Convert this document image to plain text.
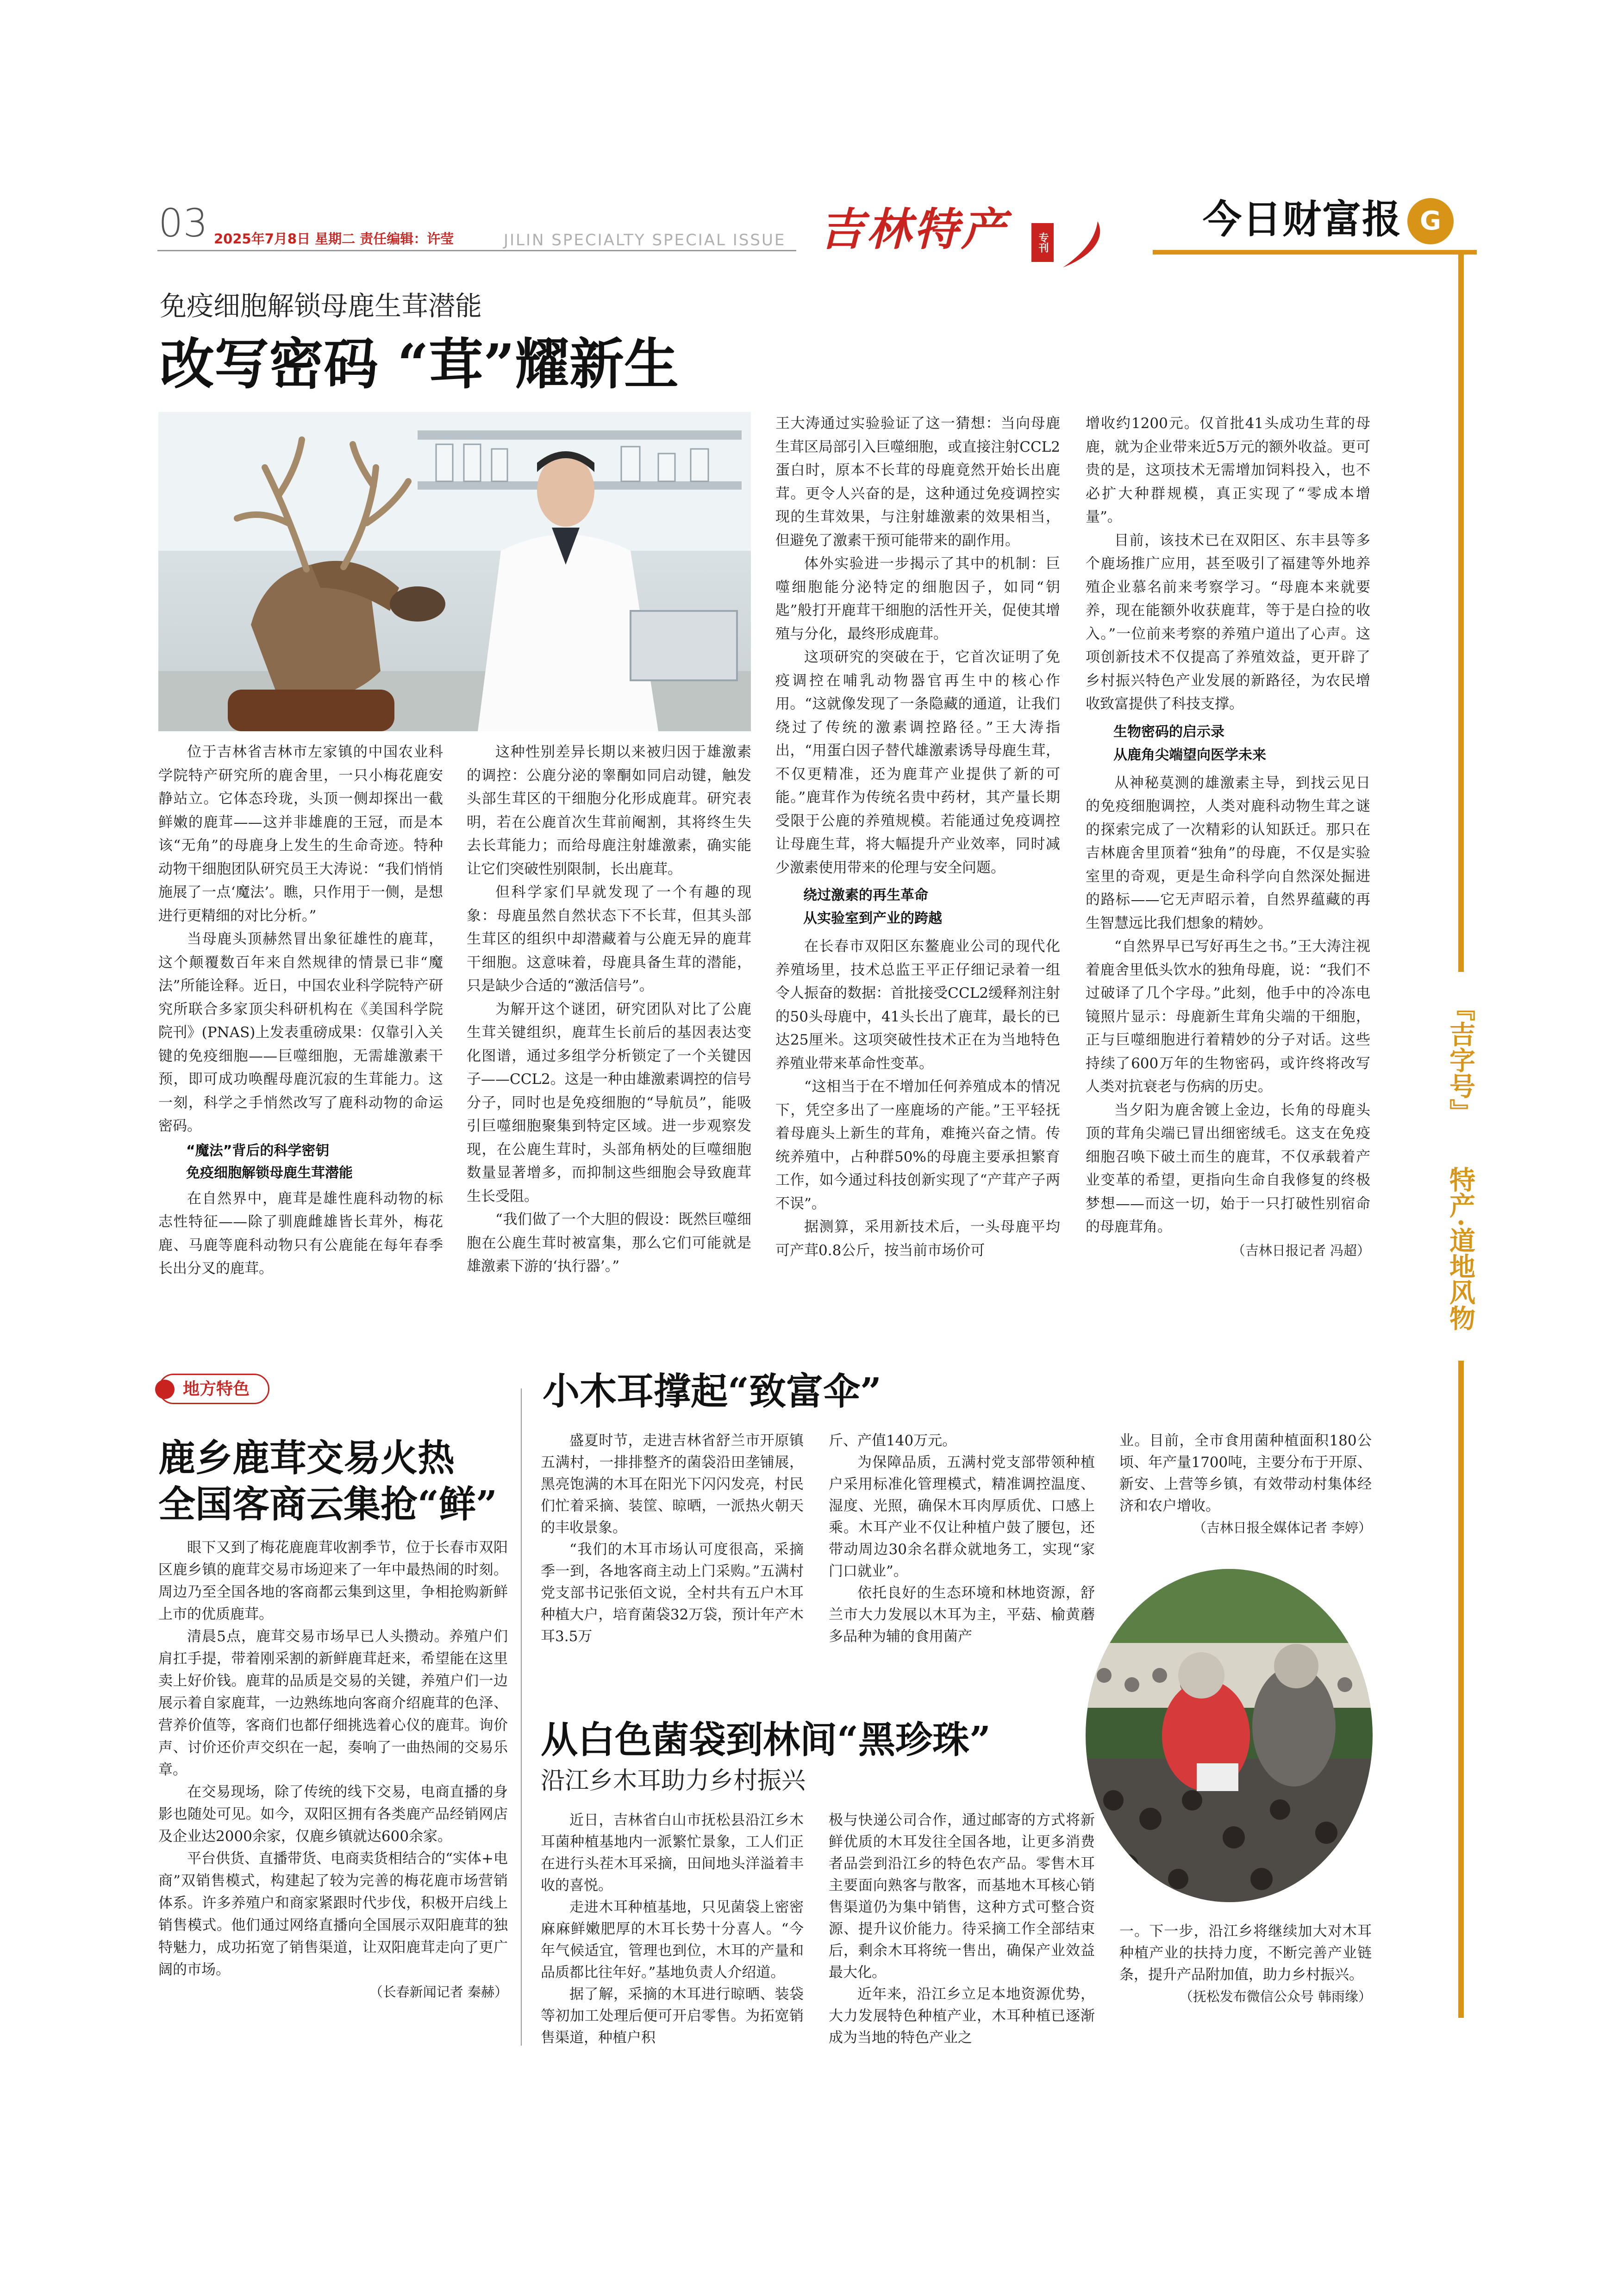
03 2025年7月8日 星期二 责任编辑：许莹	JILIN SPECIALTY SPECIAL ISSUE 吉林特产	专刊
今日财富报 G
『吉字号』
特产·道地风物
免疫细胞解锁母鹿生茸潜能
改写密码 “茸”耀新生

位于吉林省吉林市左家镇的中国农业科学院特产研究所的鹿舍里，一只小梅花鹿安静站立。它体态玲珑，头顶一侧却探出一截鲜嫩的鹿茸——这并非雄鹿的王冠，而是本该“无角”的母鹿身上发生的生命奇迹。特种动物干细胞团队研究员王大涛说：“我们悄悄施展了一点‘魔法’。瞧，只作用于一侧，是想进行更精细的对比分析。”

当母鹿头顶赫然冒出象征雄性的鹿茸，这个颠覆数百年来自然规律的情景已非“魔法”所能诠释。近日，中国农业科学院特产研究所联合多家顶尖科研机构在《美国科学院院刊》(PNAS)上发表重磅成果：仅靠引入关键的免疫细胞——巨噬细胞，无需雄激素干预，即可成功唤醒母鹿沉寂的生茸能力。这一刻，科学之手悄然改写了鹿科动物的命运密码。

“魔法”背后的科学密钥

免疫细胞解锁母鹿生茸潜能

在自然界中，鹿茸是雄性鹿科动物的标志性特征——除了驯鹿雌雄皆长茸外，梅花鹿、马鹿等鹿科动物只有公鹿能在每年春季长出分叉的鹿茸。

这种性别差异长期以来被归因于雄激素的调控：公鹿分泌的睾酮如同启动键，触发头部生茸区的干细胞分化形成鹿茸。研究表明，若在公鹿首次生茸前阉割，其将终生失去长茸能力；而给母鹿注射雄激素，确实能让它们突破性别限制，长出鹿茸。

但科学家们早就发现了一个有趣的现象：母鹿虽然自然状态下不长茸，但其头部生茸区的组织中却潜藏着与公鹿无异的鹿茸干细胞。这意味着，母鹿具备生茸的潜能，只是缺少合适的“激活信号”。

为解开这个谜团，研究团队对比了公鹿生茸关键组织，鹿茸生长前后的基因表达变化图谱，通过多组学分析锁定了一个关键因子——CCL2。这是一种由雄激素调控的信号分子，同时也是免疫细胞的“导航员”，能吸引巨噬细胞聚集到特定区域。进一步观察发现，在公鹿生茸时，头部角柄处的巨噬细胞数量显著增多，而抑制这些细胞会导致鹿茸生长受阻。

“我们做了一个大胆的假设：既然巨噬细胞在公鹿生茸时被富集，那么它们可能就是雄激素下游的‘执行器’。”

王大涛通过实验验证了这一猜想：当向母鹿生茸区局部引入巨噬细胞，或直接注射CCL2蛋白时，原本不长茸的母鹿竟然开始长出鹿茸。更令人兴奋的是，这种通过免疫调控实现的生茸效果，与注射雄激素的效果相当，但避免了激素干预可能带来的副作用。

体外实验进一步揭示了其中的机制：巨噬细胞能分泌特定的细胞因子，如同“钥匙”般打开鹿茸干细胞的活性开关，促使其增殖与分化，最终形成鹿茸。

这项研究的突破在于，它首次证明了免疫调控在哺乳动物器官再生中的核心作用。“这就像发现了一条隐藏的通道，让我们绕过了传统的激素调控路径。”王大涛指出，“用蛋白因子替代雄激素诱导母鹿生茸，不仅更精准，还为鹿茸产业提供了新的可能。”鹿茸作为传统名贵中药材，其产量长期受限于公鹿的养殖规模。若能通过免疫调控让母鹿生茸，将大幅提升产业效率，同时减少激素使用带来的伦理与安全问题。

绕过激素的再生革命

从实验室到产业的跨越

在长春市双阳区东鳌鹿业公司的现代化养殖场里，技术总监王平正仔细记录着一组令人振奋的数据：首批接受CCL2缓释剂注射的50头母鹿中，41头长出了鹿茸，最长的已达25厘米。这项突破性技术正在为当地特色养殖业带来革命性变革。

“这相当于在不增加任何养殖成本的情况下，凭空多出了一座鹿场的产能。”王平轻抚着母鹿头上新生的茸角，难掩兴奋之情。传统养殖中，占种群50%的母鹿主要承担繁育工作，如今通过科技创新实现了“产茸产子两不误”。

据测算，采用新技术后，一头母鹿平均可产茸0.8公斤，按当前市场价可

增收约1200元。仅首批41头成功生茸的母鹿，就为企业带来近5万元的额外收益。更可贵的是，这项技术无需增加饲料投入，也不必扩大种群规模，真正实现了“零成本增量”。

目前，该技术已在双阳区、东丰县等多个鹿场推广应用，甚至吸引了福建等外地养殖企业慕名前来考察学习。“母鹿本来就要养，现在能额外收获鹿茸，等于是白捡的收入。”一位前来考察的养殖户道出了心声。这项创新技术不仅提高了养殖效益，更开辟了乡村振兴特色产业发展的新路径，为农民增收致富提供了科技支撑。

生物密码的启示录

从鹿角尖端望向医学未来

从神秘莫测的雄激素主导，到找云见日的免疫细胞调控，人类对鹿科动物生茸之谜的探索完成了一次精彩的认知跃迁。那只在吉林鹿舍里顶着“独角”的母鹿，不仅是实验室里的奇观，更是生命科学向自然深处掘进的路标——它无声昭示着，自然界蕴藏的再生智慧远比我们想象的精妙。

“自然界早已写好再生之书。”王大涛注视着鹿舍里低头饮水的独角母鹿，说：“我们不过破译了几个字母。”此刻，他手中的冷冻电镜照片显示：母鹿新生茸角尖端的干细胞，正与巨噬细胞进行着精妙的分子对话。这些持续了600万年的生物密码，或许终将改写人类对抗衰老与伤病的历史。

当夕阳为鹿舍镀上金边，长角的母鹿头顶的茸角尖端已冒出细密绒毛。这支在免疫细胞召唤下破土而生的鹿茸，不仅承载着产业变革的希望，更指向生命自我修复的终极梦想——而这一切，始于一只打破性别宿命的母鹿茸角。

（吉林日报记者 冯超）

地方特色
鹿乡鹿茸交易火热
全国客商云集抢“鲜”

眼下又到了梅花鹿鹿茸收割季节，位于长春市双阳区鹿乡镇的鹿茸交易市场迎来了一年中最热闹的时刻。周边乃至全国各地的客商都云集到这里，争相抢购新鲜上市的优质鹿茸。

清晨5点，鹿茸交易市场早已人头攒动。养殖户们肩扛手提，带着刚采割的新鲜鹿茸赶来，希望能在这里卖上好价钱。鹿茸的品质是交易的关键，养殖户们一边展示着自家鹿茸，一边熟练地向客商介绍鹿茸的色泽、营养价值等，客商们也都仔细挑选着心仪的鹿茸。询价声、讨价还价声交织在一起，奏响了一曲热闹的交易乐章。

在交易现场，除了传统的线下交易，电商直播的身影也随处可见。如今，双阳区拥有各类鹿产品经销网店及企业达2000余家，仅鹿乡镇就达600余家。

平台供货、直播带货、电商卖货相结合的“实体+电商”双销售模式，构建起了较为完善的梅花鹿市场营销体系。许多养殖户和商家紧跟时代步伐，积极开启线上销售模式。他们通过网络直播向全国展示双阳鹿茸的独特魅力，成功拓宽了销售渠道，让双阳鹿茸走向了更广阔的市场。

（长春新闻记者 秦赫）

小木耳撑起“致富伞”

盛夏时节，走进吉林省舒兰市开原镇五满村，一排排整齐的菌袋沿田垄铺展，黑亮饱满的木耳在阳光下闪闪发亮，村民们忙着采摘、装筐、晾晒，一派热火朝天的丰收景象。

“我们的木耳市场认可度很高，采摘季一到，各地客商主动上门采购。”五满村党支部书记张佰文说，全村共有五户木耳种植大户，培育菌袋32万袋，预计年产木耳3.5万

斤、产值140万元。

为保障品质，五满村党支部带领种植户采用标准化管理模式，精准调控温度、湿度、光照，确保木耳肉厚质优、口感上乘。木耳产业不仅让种植户鼓了腰包，还带动周边30余名群众就地务工，实现“家门口就业”。

依托良好的生态环境和林地资源，舒兰市大力发展以木耳为主，平菇、榆黄蘑多品种为辅的食用菌产

业。目前，全市食用菌种植面积180公顷、年产量1700吨，主要分布于开原、新安、上营等乡镇，有效带动村集体经济和农户增收。

（吉林日报全媒体记者 李婷）

从白色菌袋到林间“黑珍珠”
沿江乡木耳助力乡村振兴

近日，吉林省白山市抚松县沿江乡木耳菌种植基地内一派繁忙景象，工人们正在进行头茬木耳采摘，田间地头洋溢着丰收的喜悦。

走进木耳种植基地，只见菌袋上密密麻麻鲜嫩肥厚的木耳长势十分喜人。“今年气候适宜，管理也到位，木耳的产量和品质都比往年好。”基地负责人介绍道。

据了解，采摘的木耳进行晾晒、装袋等初加工处理后便可开启零售。为拓宽销售渠道，种植户积

极与快递公司合作，通过邮寄的方式将新鲜优质的木耳发往全国各地，让更多消费者品尝到沿江乡的特色农产品。零售木耳主要面向熟客与散客，而基地木耳核心销售渠道仍为集中销售，这种方式可整合资源、提升议价能力。待采摘工作全部结束后，剩余木耳将统一售出，确保产业效益最大化。

近年来，沿江乡立足本地资源优势，大力发展特色种植产业，木耳种植已逐渐成为当地的特色产业之

一。下一步，沿江乡将继续加大对木耳种植产业的扶持力度，不断完善产业链条，提升产品附加值，助力乡村振兴。

（抚松发布微信公众号 韩雨缘）
